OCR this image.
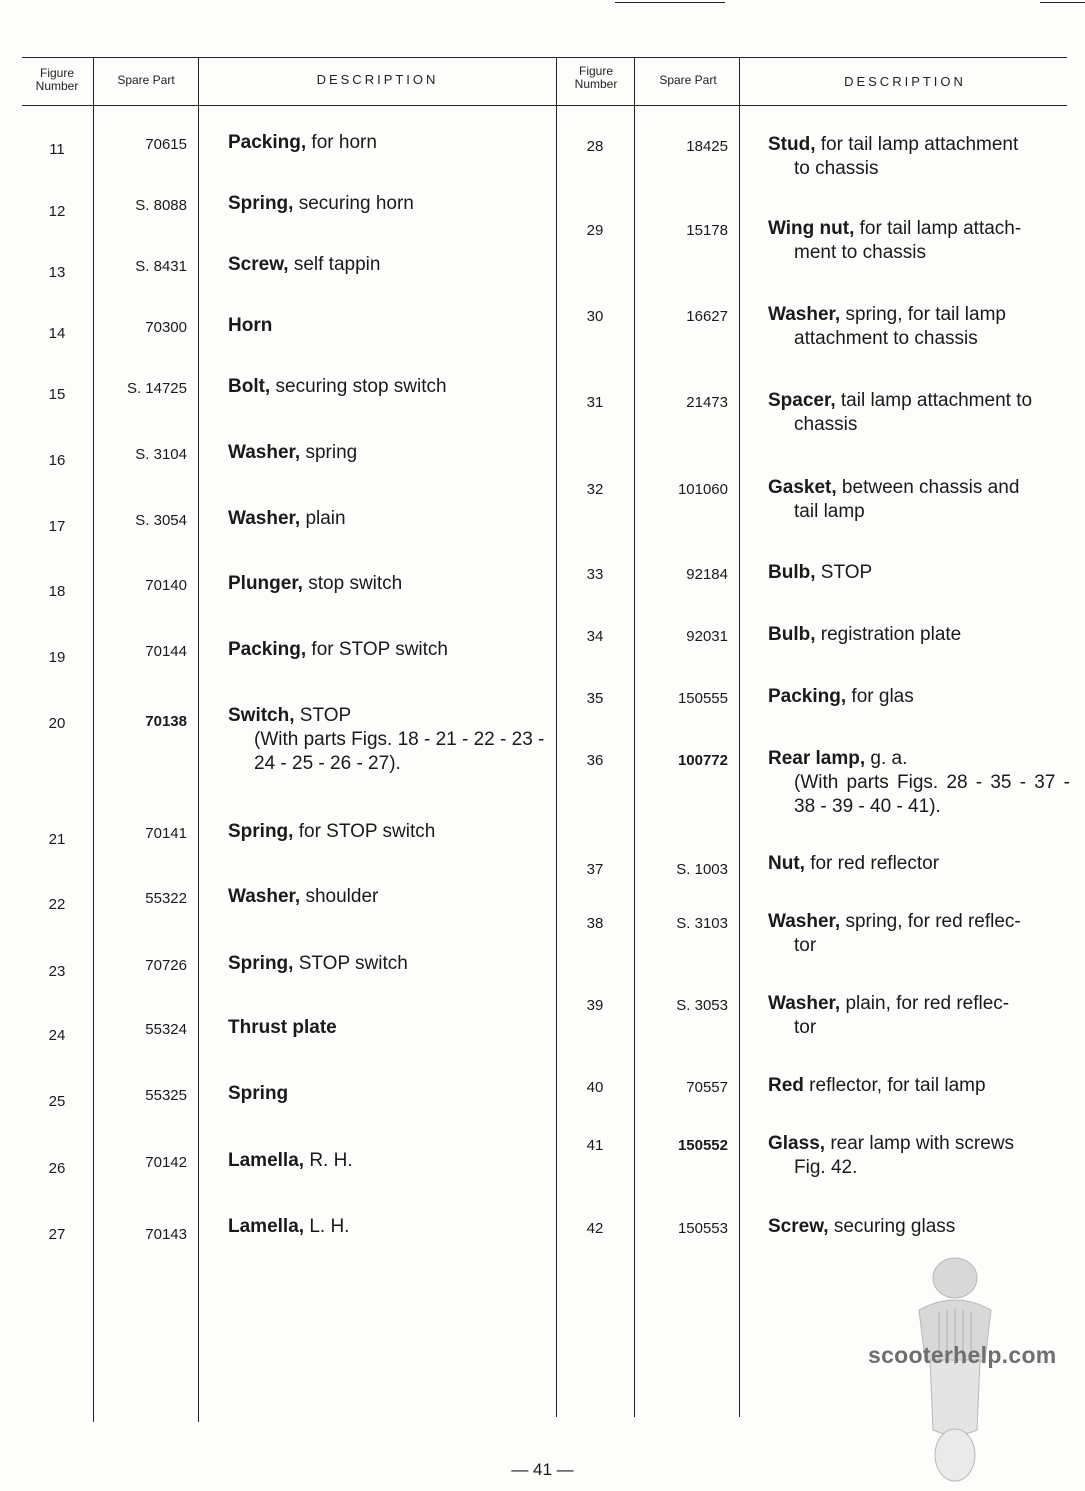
Figure Number	Spare Part	DESCRIPTION
Figure Number	Spare Part	DESCRIPTION
11	70615 Packing, for horn
12	S. 8088 Spring, securing horn
13	S. 8431 Screw, self tappin
14	70300 Horn
15	S. 14725 Bolt, securing stop switch
16	S. 3104 Washer, spring
17	S. 3054 Washer, plain
18	70140 Plunger, stop switch
19	70144 Packing, for STOP switch
20	70138 Switch, STOP
(With parts Figs. 18 - 21 - 22 - 23 - 24 - 25 - 26 - 27).
21	70141 Spring, for STOP switch
22	55322 Washer, shoulder
23	70726 Spring, STOP switch
24	55324 Thrust plate
25	55325 Spring
26	70142 Lamella, R. H.
27	70143 Lamella, L. H.
28	18425 Stud, for tail lamp attachment
to chassis
29	15178 Wing nut, for tail lamp attach-
ment to chassis
30	16627 Washer, spring, for tail lamp
attachment to chassis
31	21473 Spacer, tail lamp attachment to
chassis
32	101060 Gasket, between chassis and
tail lamp
33	92184 Bulb, STOP
34	92031 Bulb, registration plate
35	150555 Packing, for glas
36	100772 Rear lamp, g. a.
(With parts Figs. 28 - 35 - 37 - 38 - 39 - 40 - 41).
37	S. 1003 Nut, for red reflector
38	S. 3103 Washer, spring, for red reflec-
tor
39	S. 3053 Washer, plain, for red reflec-
tor
40	70557 Red reflector, for tail lamp
41	150552 Glass, rear lamp with screws
Fig. 42.
42	150553 Screw, securing glass
— 41 —
scooterhelp.com
